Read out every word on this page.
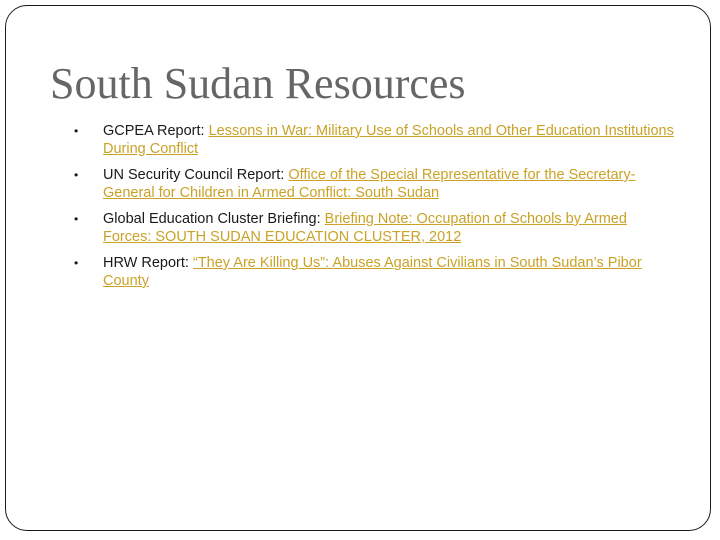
South Sudan Resources
• GCPEA Report: Lessons in War: Military Use of Schools and Other Education Institutions During Conflict
• UN Security Council Report: Office of the Special Representative for the Secretary-General for Children in Armed Conflict: South Sudan
• Global Education Cluster Briefing: Briefing Note: Occupation of Schools by Armed Forces: SOUTH SUDAN EDUCATION CLUSTER, 2012
• HRW Report: “They Are Killing Us”: Abuses Against Civilians in South Sudan’s Pibor County
